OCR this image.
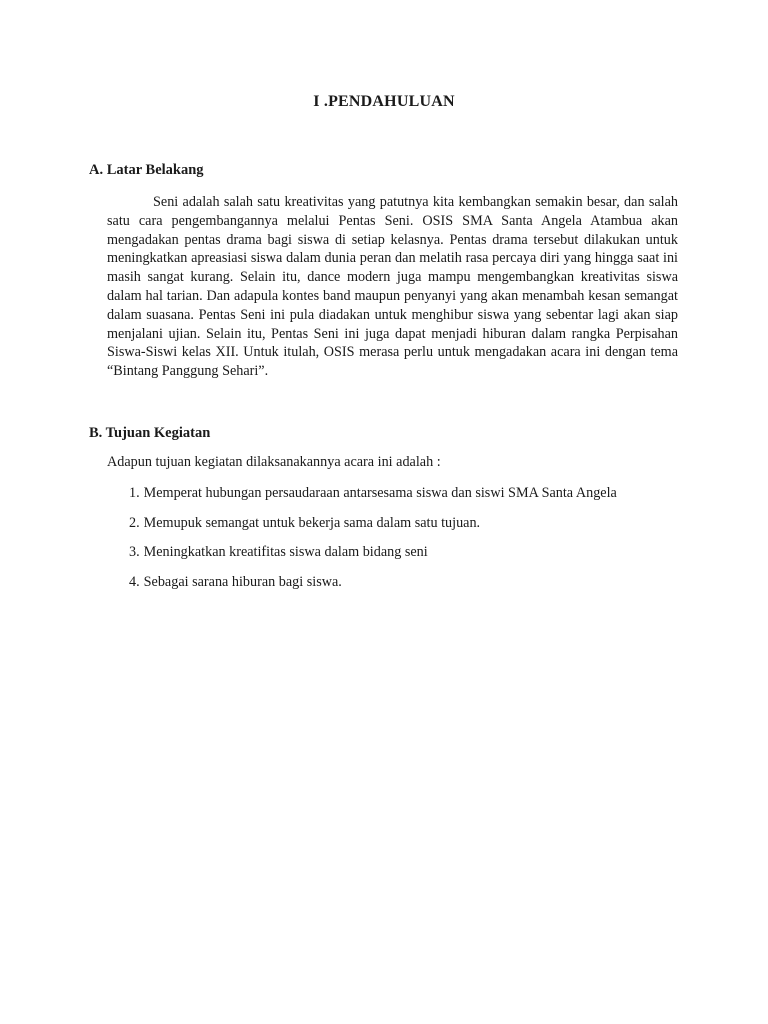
I .PENDAHULUAN
A. Latar Belakang

Seni adalah salah satu kreativitas yang patutnya kita kembangkan semakin besar, dan salah satu cara pengembangannya melalui Pentas Seni. OSIS SMA Santa Angela Atambua akan mengadakan pentas drama bagi siswa di setiap kelasnya. Pentas drama tersebut dilakukan untuk meningkatkan apreasiasi siswa dalam dunia peran dan melatih rasa percaya diri yang hingga saat ini masih sangat kurang. Selain itu, dance modern juga mampu mengembangkan kreativitas siswa dalam hal tarian. Dan adapula kontes band maupun penyanyi yang akan menambah kesan semangat dalam suasana. Pentas Seni ini pula diadakan untuk menghibur siswa yang sebentar lagi akan siap menjalani ujian. Selain itu, Pentas Seni ini juga dapat menjadi hiburan dalam rangka Perpisahan Siswa-Siswi kelas XII. Untuk itulah, OSIS merasa perlu untuk mengadakan acara ini dengan tema “Bintang Panggung Sehari”.

B. Tujuan Kegiatan

Adapun tujuan kegiatan dilaksanakannya acara ini adalah :

1. Memperat hubungan persaudaraan antarsesama siswa dan siswi SMA Santa Angela
2. Memupuk semangat untuk bekerja sama dalam satu tujuan.
3. Meningkatkan kreatifitas siswa dalam bidang seni
4. Sebagai sarana hiburan bagi siswa.
